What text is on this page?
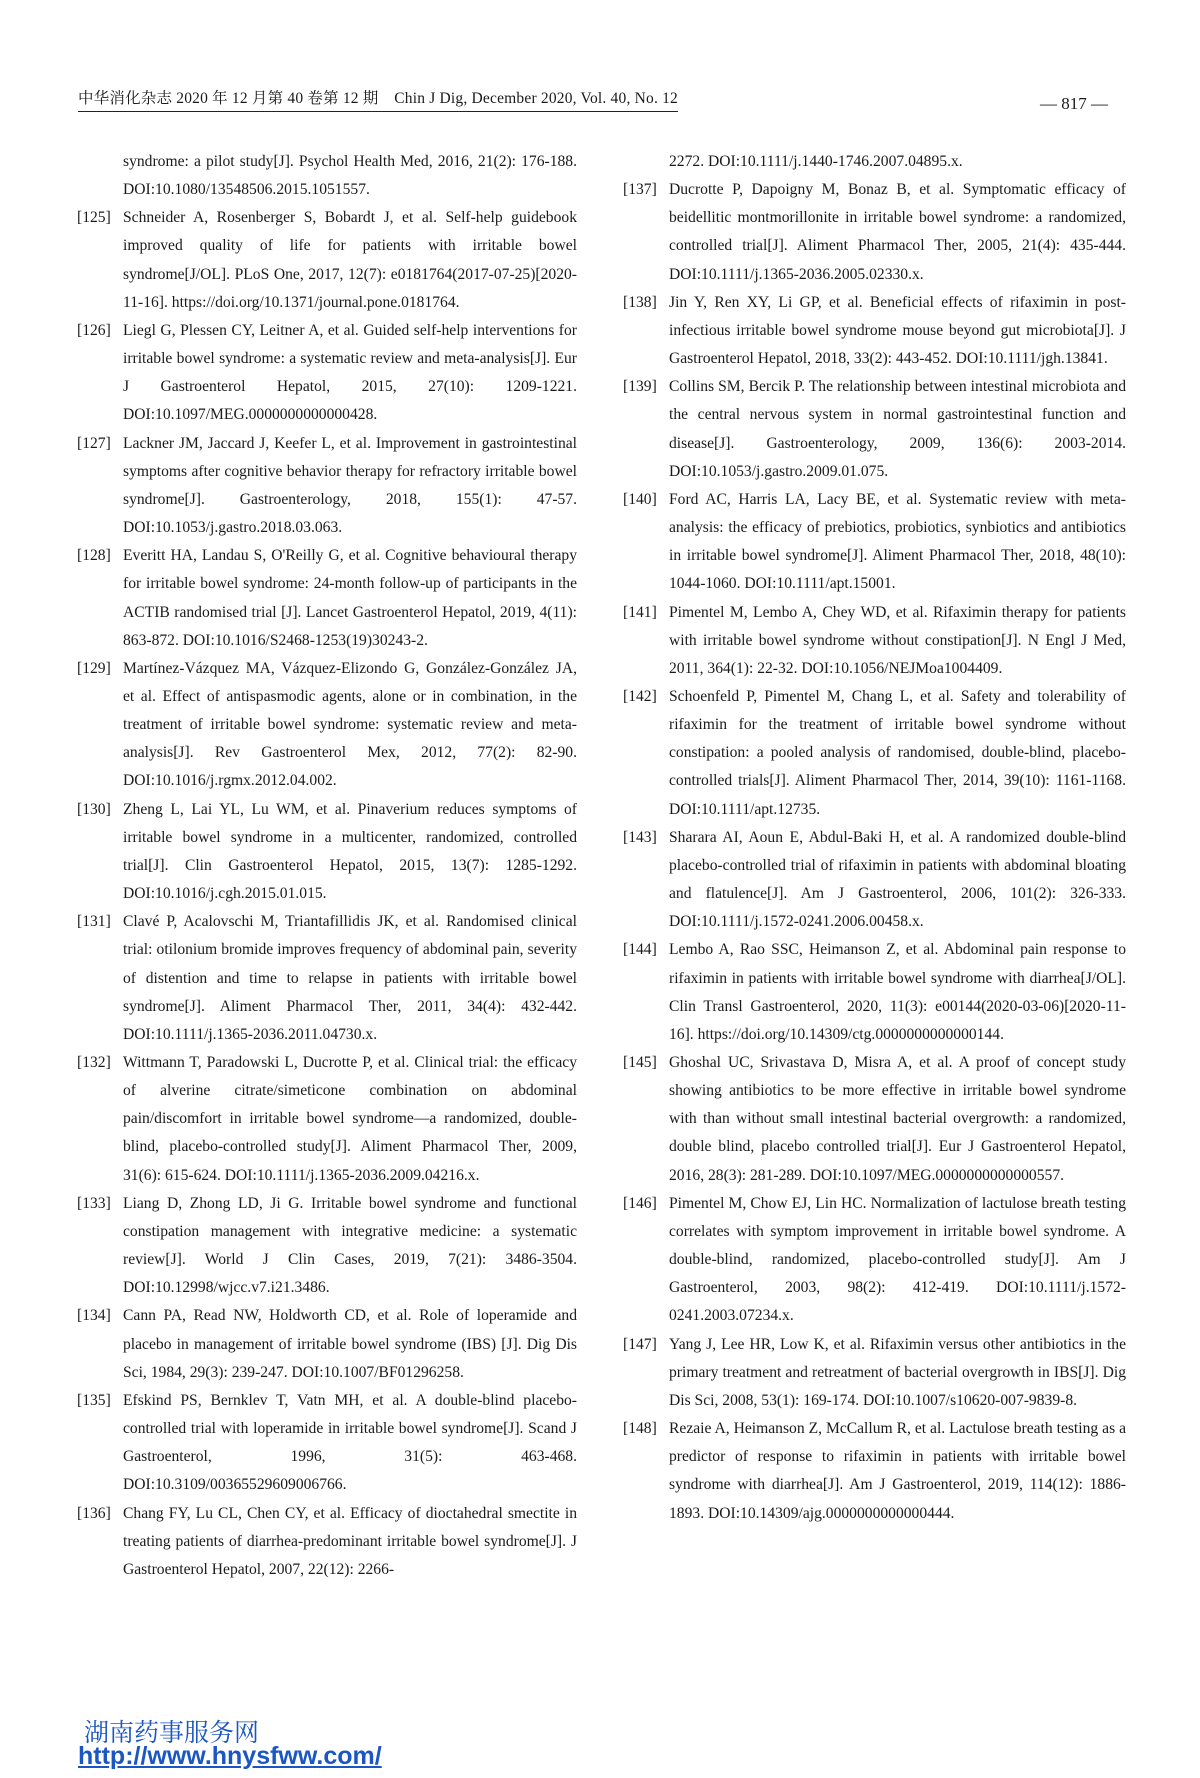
中华消化杂志 2020 年 12 月第 40 卷第 12 期　Chin J Dig, December 2020, Vol. 40, No. 12	— 817 —
syndrome: a pilot study[J]. Psychol Health Med, 2016, 21(2): 176-188. DOI:10.1080/13548506.2015.1051557.
[125] Schneider A, Rosenberger S, Bobardt J, et al. Self-help guidebook improved quality of life for patients with irritable bowel syndrome[J/OL]. PLoS One, 2017, 12(7): e0181764(2017-07-25)[2020-11-16]. https://doi.org/10.1371/journal.pone.0181764.
[126] Liegl G, Plessen CY, Leitner A, et al. Guided self-help interventions for irritable bowel syndrome: a systematic review and meta-analysis[J]. Eur J Gastroenterol Hepatol, 2015, 27(10): 1209-1221. DOI:10.1097/MEG.0000000000000428.
[127] Lackner JM, Jaccard J, Keefer L, et al. Improvement in gastrointestinal symptoms after cognitive behavior therapy for refractory irritable bowel syndrome[J]. Gastroenterology, 2018, 155(1): 47-57. DOI:10.1053/j.gastro.2018.03.063.
[128] Everitt HA, Landau S, O'Reilly G, et al. Cognitive behavioural therapy for irritable bowel syndrome: 24-month follow-up of participants in the ACTIB randomised trial [J]. Lancet Gastroenterol Hepatol, 2019, 4(11): 863-872. DOI:10.1016/S2468-1253(19)30243-2.
[129] Martínez-Vázquez MA, Vázquez-Elizondo G, González-González JA, et al. Effect of antispasmodic agents, alone or in combination, in the treatment of irritable bowel syndrome: systematic review and meta-analysis[J]. Rev Gastroenterol Mex, 2012, 77(2): 82-90. DOI:10.1016/j.rgmx.2012.04.002.
[130] Zheng L, Lai YL, Lu WM, et al. Pinaverium reduces symptoms of irritable bowel syndrome in a multicenter, randomized, controlled trial[J]. Clin Gastroenterol Hepatol, 2015, 13(7): 1285-1292. DOI:10.1016/j.cgh.2015.01.015.
[131] Clavé P, Acalovschi M, Triantafillidis JK, et al. Randomised clinical trial: otilonium bromide improves frequency of abdominal pain, severity of distention and time to relapse in patients with irritable bowel syndrome[J]. Aliment Pharmacol Ther, 2011, 34(4): 432-442. DOI:10.1111/j.1365-2036.2011.04730.x.
[132] Wittmann T, Paradowski L, Ducrotte P, et al. Clinical trial: the efficacy of alverine citrate/simeticone combination on abdominal pain/discomfort in irritable bowel syndrome—a randomized, double-blind, placebo-controlled study[J]. Aliment Pharmacol Ther, 2009, 31(6): 615-624. DOI:10.1111/j.1365-2036.2009.04216.x.
[133] Liang D, Zhong LD, Ji G. Irritable bowel syndrome and functional constipation management with integrative medicine: a systematic review[J]. World J Clin Cases, 2019, 7(21): 3486-3504. DOI:10.12998/wjcc.v7.i21.3486.
[134] Cann PA, Read NW, Holdworth CD, et al. Role of loperamide and placebo in management of irritable bowel syndrome (IBS) [J]. Dig Dis Sci, 1984, 29(3): 239-247. DOI:10.1007/BF01296258.
[135] Efskind PS, Bernklev T, Vatn MH, et al. A double-blind placebo-controlled trial with loperamide in irritable bowel syndrome[J]. Scand J Gastroenterol, 1996, 31(5): 463-468. DOI:10.3109/00365529609006766.
[136] Chang FY, Lu CL, Chen CY, et al. Efficacy of dioctahedral smectite in treating patients of diarrhea-predominant irritable bowel syndrome[J]. J Gastroenterol Hepatol, 2007, 22(12): 2266-
2272. DOI:10.1111/j.1440-1746.2007.04895.x.
[137] Ducrotte P, Dapoigny M, Bonaz B, et al. Symptomatic efficacy of beidellitic montmorillonite in irritable bowel syndrome: a randomized, controlled trial[J]. Aliment Pharmacol Ther, 2005, 21(4): 435-444. DOI:10.1111/j.1365-2036.2005.02330.x.
[138] Jin Y, Ren XY, Li GP, et al. Beneficial effects of rifaximin in post-infectious irritable bowel syndrome mouse beyond gut microbiota[J]. J Gastroenterol Hepatol, 2018, 33(2): 443-452. DOI:10.1111/jgh.13841.
[139] Collins SM, Bercik P. The relationship between intestinal microbiota and the central nervous system in normal gastrointestinal function and disease[J]. Gastroenterology, 2009, 136(6): 2003-2014. DOI:10.1053/j.gastro.2009.01.075.
[140] Ford AC, Harris LA, Lacy BE, et al. Systematic review with meta-analysis: the efficacy of prebiotics, probiotics, synbiotics and antibiotics in irritable bowel syndrome[J]. Aliment Pharmacol Ther, 2018, 48(10): 1044-1060. DOI:10.1111/apt.15001.
[141] Pimentel M, Lembo A, Chey WD, et al. Rifaximin therapy for patients with irritable bowel syndrome without constipation[J]. N Engl J Med, 2011, 364(1): 22-32. DOI:10.1056/NEJMoa1004409.
[142] Schoenfeld P, Pimentel M, Chang L, et al. Safety and tolerability of rifaximin for the treatment of irritable bowel syndrome without constipation: a pooled analysis of randomised, double-blind, placebo-controlled trials[J]. Aliment Pharmacol Ther, 2014, 39(10): 1161-1168. DOI:10.1111/apt.12735.
[143] Sharara AI, Aoun E, Abdul-Baki H, et al. A randomized double-blind placebo-controlled trial of rifaximin in patients with abdominal bloating and flatulence[J]. Am J Gastroenterol, 2006, 101(2): 326-333. DOI:10.1111/j.1572-0241.2006.00458.x.
[144] Lembo A, Rao SSC, Heimanson Z, et al. Abdominal pain response to rifaximin in patients with irritable bowel syndrome with diarrhea[J/OL]. Clin Transl Gastroenterol, 2020, 11(3): e00144(2020-03-06)[2020-11-16]. https://doi.org/10.14309/ctg.0000000000000144.
[145] Ghoshal UC, Srivastava D, Misra A, et al. A proof of concept study showing antibiotics to be more effective in irritable bowel syndrome with than without small intestinal bacterial overgrowth: a randomized, double blind, placebo controlled trial[J]. Eur J Gastroenterol Hepatol, 2016, 28(3): 281-289. DOI:10.1097/MEG.0000000000000557.
[146] Pimentel M, Chow EJ, Lin HC. Normalization of lactulose breath testing correlates with symptom improvement in irritable bowel syndrome. A double-blind, randomized, placebo-controlled study[J]. Am J Gastroenterol, 2003, 98(2): 412-419. DOI:10.1111/j.1572-0241.2003.07234.x.
[147] Yang J, Lee HR, Low K, et al. Rifaximin versus other antibiotics in the primary treatment and retreatment of bacterial overgrowth in IBS[J]. Dig Dis Sci, 2008, 53(1): 169-174. DOI:10.1007/s10620-007-9839-8.
[148] Rezaie A, Heimanson Z, McCallum R, et al. Lactulose breath testing as a predictor of response to rifaximin in patients with irritable bowel syndrome with diarrhea[J]. Am J Gastroenterol, 2019, 114(12): 1886-1893. DOI:10.14309/ajg.0000000000000444.
湖南药事服务网
http://www.hnysfww.com/
